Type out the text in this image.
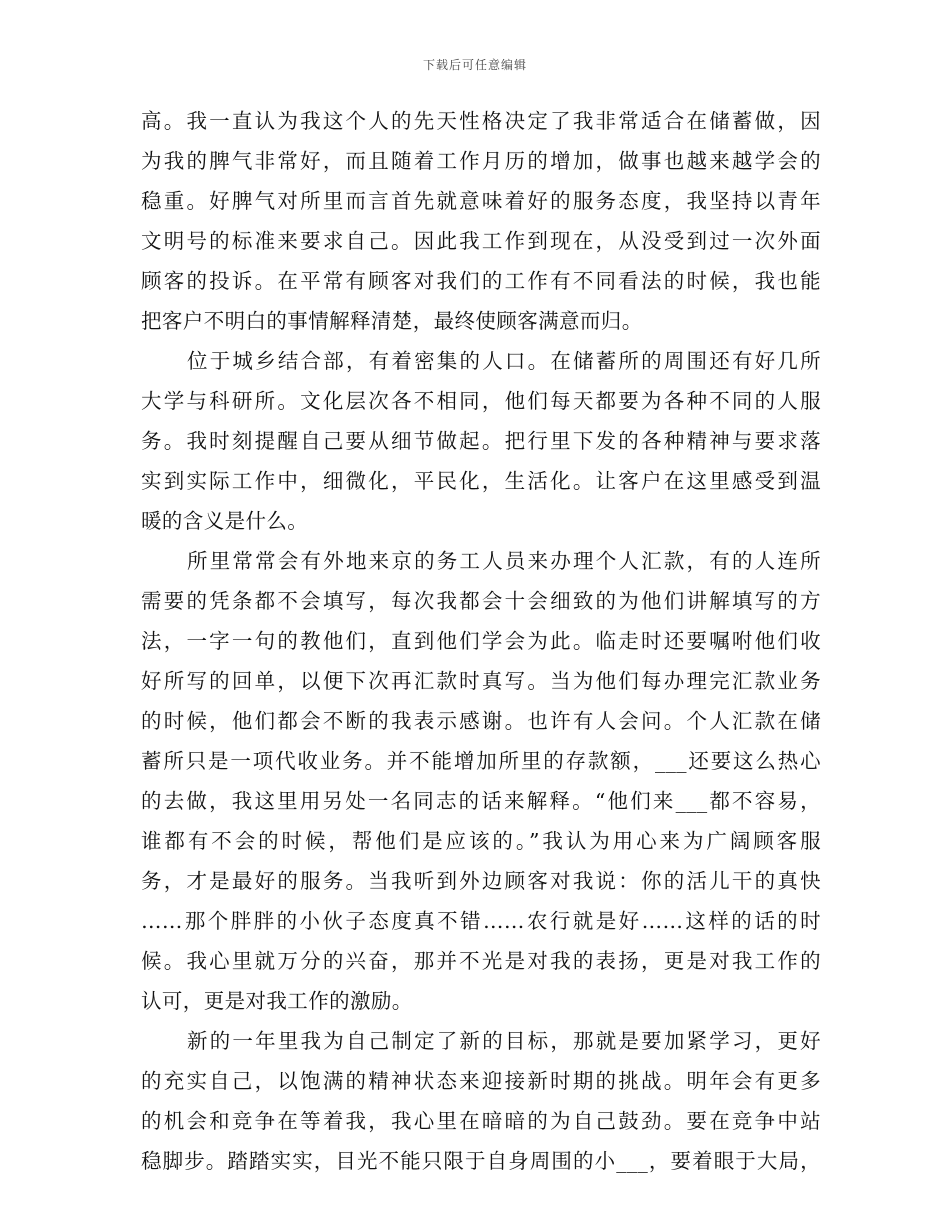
下载后可任意编辑
高。我一直认为我这个人的先天性格决定了我非常适合在储蓄做，因
为我的脾气非常好，而且随着工作月历的增加，做事也越来越学会的
稳重。好脾气对所里而言首先就意味着好的服务态度，我坚持以青年
文明号的标准来要求自己。因此我工作到现在，从没受到过一次外面
顾客的投诉。在平常有顾客对我们的工作有不同看法的时候，我也能
把客户不明白的事情解释清楚，最终使顾客满意而归。
位于城乡结合部，有着密集的人口。在储蓄所的周围还有好几所
大学与科研所。文化层次各不相同，他们每天都要为各种不同的人服
务。我时刻提醒自己要从细节做起。把行里下发的各种精神与要求落
实到实际工作中，细微化，平民化，生活化。让客户在这里感受到温
暖的含义是什么。
所里常常会有外地来京的务工人员来办理个人汇款，有的人连所
需要的凭条都不会填写，每次我都会十会细致的为他们讲解填写的方
法，一字一句的教他们，直到他们学会为此。临走时还要嘱咐他们收
好所写的回单，以便下次再汇款时真写。当为他们每办理完汇款业务
的时候，他们都会不断的我表示感谢。也许有人会问。个人汇款在储
蓄所只是一项代收业务。并不能增加所里的存款额，___还要这么热心
的去做，我这里用另处一名同志的话来解释。“他们来___都不容易，
谁都有不会的时候，帮他们是应该的。”我认为用心来为广阔顾客服
务，才是最好的服务。当我听到外边顾客对我说：你的活儿干的真快
……那个胖胖的小伙子态度真不错……农行就是好……这样的话的时
候。我心里就万分的兴奋，那并不光是对我的表扬，更是对我工作的
认可，更是对我工作的激励。
新的一年里我为自己制定了新的目标，那就是要加紧学习，更好
的充实自己，以饱满的精神状态来迎接新时期的挑战。明年会有更多
的机会和竞争在等着我，我心里在暗暗的为自己鼓劲。要在竞争中站
稳脚步。踏踏实实，目光不能只限于自身周围的小___，要着眼于大局，
